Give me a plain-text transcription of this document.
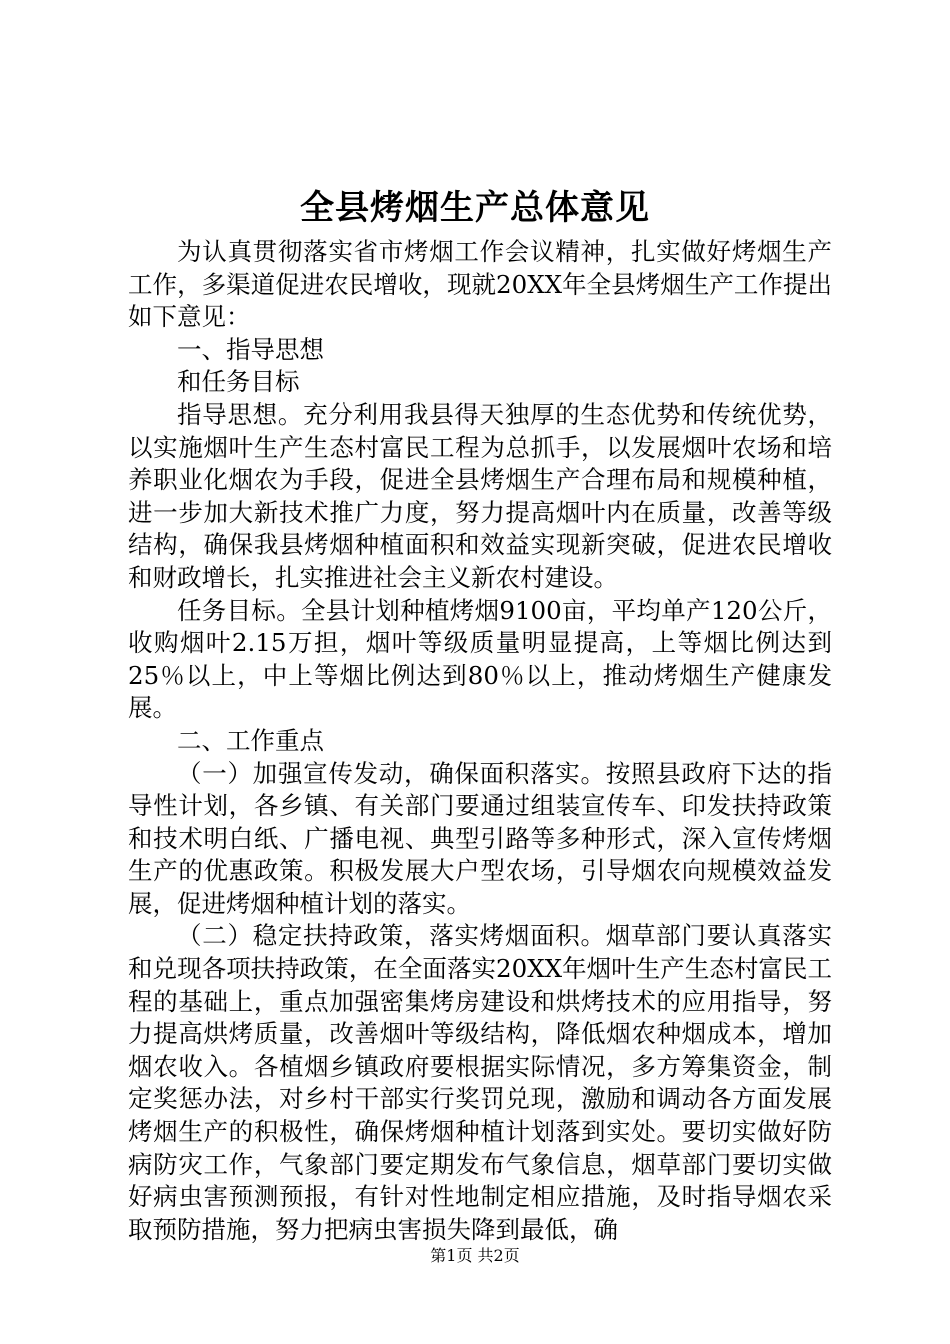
全县烤烟生产总体意见

为认真贯彻落实省市烤烟工作会议精神，扎实做好烤烟生产工作，多渠道促进农民增收，现就20XX年全县烤烟生产工作提出如下意见：

一、指导思想

和任务目标

指导思想。充分利用我县得天独厚的生态优势和传统优势，以实施烟叶生产生态村富民工程为总抓手，以发展烟叶农场和培养职业化烟农为手段，促进全县烤烟生产合理布局和规模种植，进一步加大新技术推广力度，努力提高烟叶内在质量，改善等级结构，确保我县烤烟种植面积和效益实现新突破，促进农民增收和财政增长，扎实推进社会主义新农村建设。

任务目标。全县计划种植烤烟9100亩，平均单产120公斤，收购烟叶2.15万担，烟叶等级质量明显提高，上等烟比例达到25％以上，中上等烟比例达到80％以上，推动烤烟生产健康发展。

二、工作重点

（一）加强宣传发动，确保面积落实。按照县政府下达的指导性计划，各乡镇、有关部门要通过组装宣传车、印发扶持政策和技术明白纸、广播电视、典型引路等多种形式，深入宣传烤烟生产的优惠政策。积极发展大户型农场，引导烟农向规模效益发展，促进烤烟种植计划的落实。

（二）稳定扶持政策，落实烤烟面积。烟草部门要认真落实和兑现各项扶持政策，在全面落实20XX年烟叶生产生态村富民工程的基础上，重点加强密集烤房建设和烘烤技术的应用指导，努力提高烘烤质量，改善烟叶等级结构，降低烟农种烟成本，增加烟农收入。各植烟乡镇政府要根据实际情况，多方筹集资金，制定奖惩办法，对乡村干部实行奖罚兑现，激励和调动各方面发展烤烟生产的积极性，确保烤烟种植计划落到实处。要切实做好防病防灾工作，气象部门要定期发布气象信息，烟草部门要切实做好病虫害预测预报，有针对性地制定相应措施，及时指导烟农采取预防措施，努力把病虫害损失降到最低，确

第1页 共2页
